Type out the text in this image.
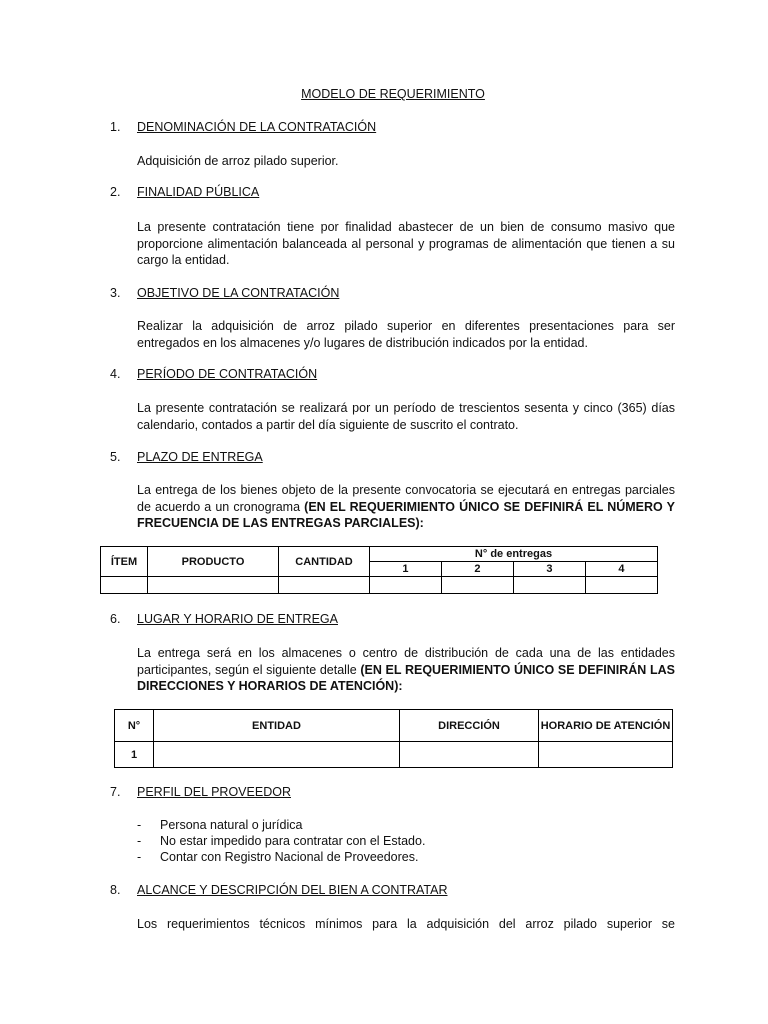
MODELO DE REQUERIMIENTO
1. DENOMINACIÓN DE LA CONTRATACIÓN
Adquisición de arroz pilado superior.
2. FINALIDAD PÚBLICA
La presente contratación tiene por finalidad abastecer de un bien de consumo masivo que proporcione alimentación balanceada al personal y programas de alimentación que tienen a su cargo la entidad.
3. OBJETIVO DE LA CONTRATACIÓN
Realizar la adquisición de arroz pilado superior en diferentes presentaciones para ser entregados en los almacenes y/o lugares de distribución indicados por la entidad.
4. PERÍODO DE CONTRATACIÓN
La presente contratación se realizará por un período de trescientos sesenta y cinco (365) días calendario, contados a partir del día siguiente de suscrito el contrato.
5. PLAZO DE ENTREGA
La entrega de los bienes objeto de la presente convocatoria se ejecutará en entregas parciales de acuerdo a un cronograma (EN EL REQUERIMIENTO ÚNICO SE DEFINIRÁ EL NÚMERO Y FRECUENCIA DE LAS ENTREGAS PARCIALES):
ÍTEM	PRODUCTO	CANTIDAD	N° de entregas			
			1	2	3	4

6. LUGAR Y HORARIO DE ENTREGA
La entrega será en los almacenes o centro de distribución de cada una de las entidades participantes, según el siguiente detalle (EN EL REQUERIMIENTO ÚNICO SE DEFINIRÁN LAS DIRECCIONES Y HORARIOS DE ATENCIÓN):
N°	ENTIDAD	DIRECCIÓN	HORARIO DE ATENCIÓN
1			
7. PERFIL DEL PROVEEDOR
-	Persona natural o jurídica
-	No estar impedido para contratar con el Estado.
-	Contar con Registro Nacional de Proveedores.
8. ALCANCE Y DESCRIPCIÓN DEL BIEN A CONTRATAR
Los requerimientos técnicos mínimos para la adquisición del arroz pilado superior se
